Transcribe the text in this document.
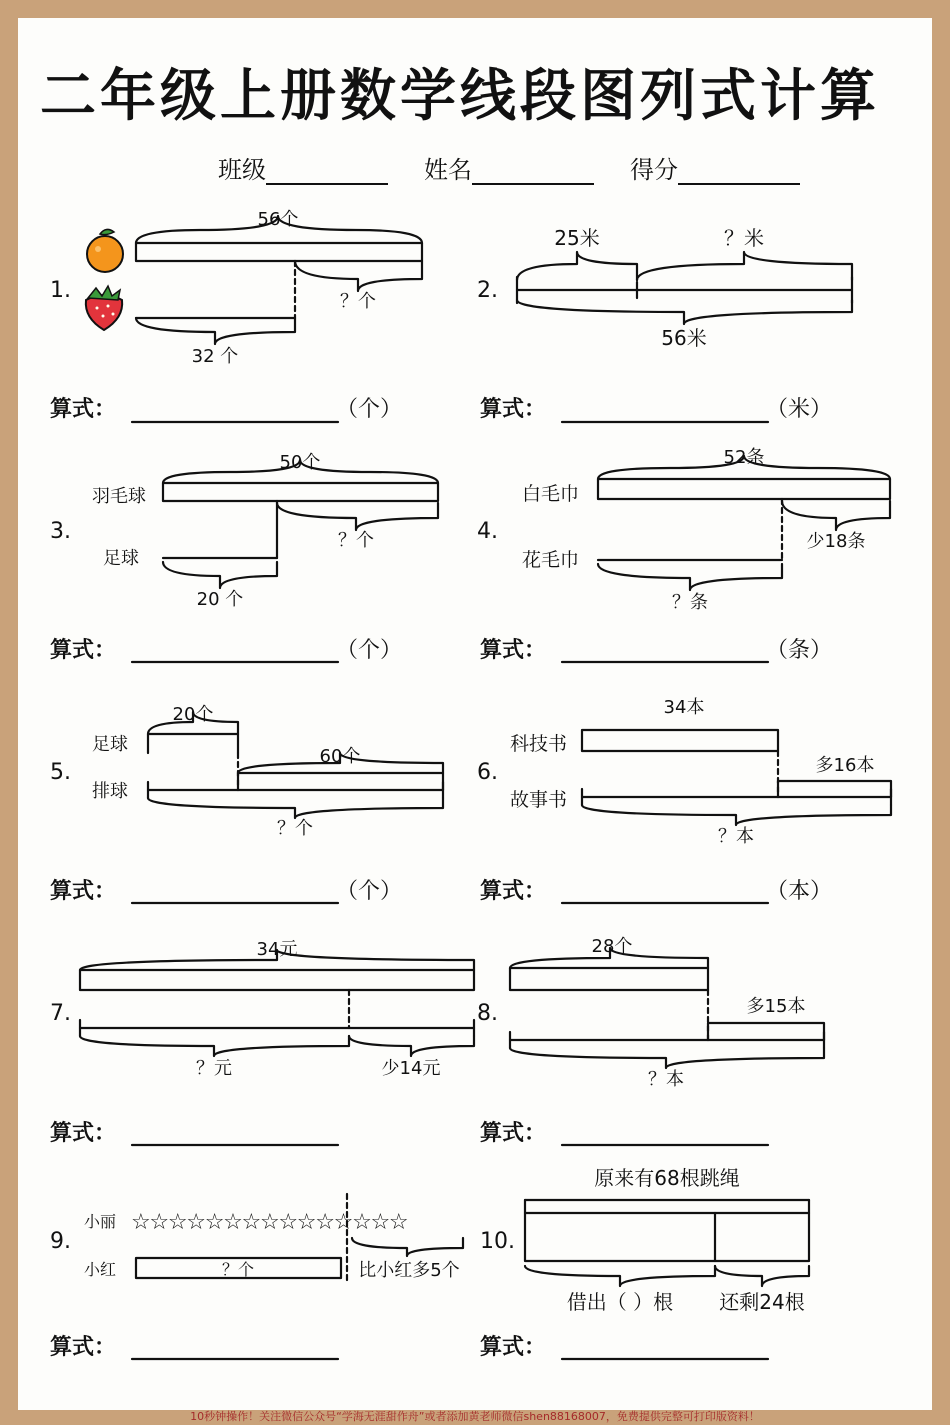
二年级上册数学线段图列式计算
班级	姓名	得分
1.	2.
3.	4.
5.	6.
7.	8.
9.	10.
56个
？个
32 个
25米	？米
56米
50个
？个
20 个
52条
少18条
？条
20个
60个
？个
34本
多16本
？本
34元
？元	少14元
28个
多15本
？本
？个	比小红多5个
原来有68根跳绳
借出（ ）根 还剩24根
羽毛球
足球
白毛巾
花毛巾
足球
排球
科技书
故事书
小丽
小红
☆☆☆☆☆☆☆☆☆☆☆☆☆☆☆
算式：	算式：
算式：	算式：
算式：	算式：
算式：	算式：
算式：	算式：
（个）	（米）
（个）	（条）
（个）	（本）
10秒钟操作！关注微信公众号“学海无涯甜作舟”或者添加黄老师微信shen88168007，免费提供完整可打印版资料！
